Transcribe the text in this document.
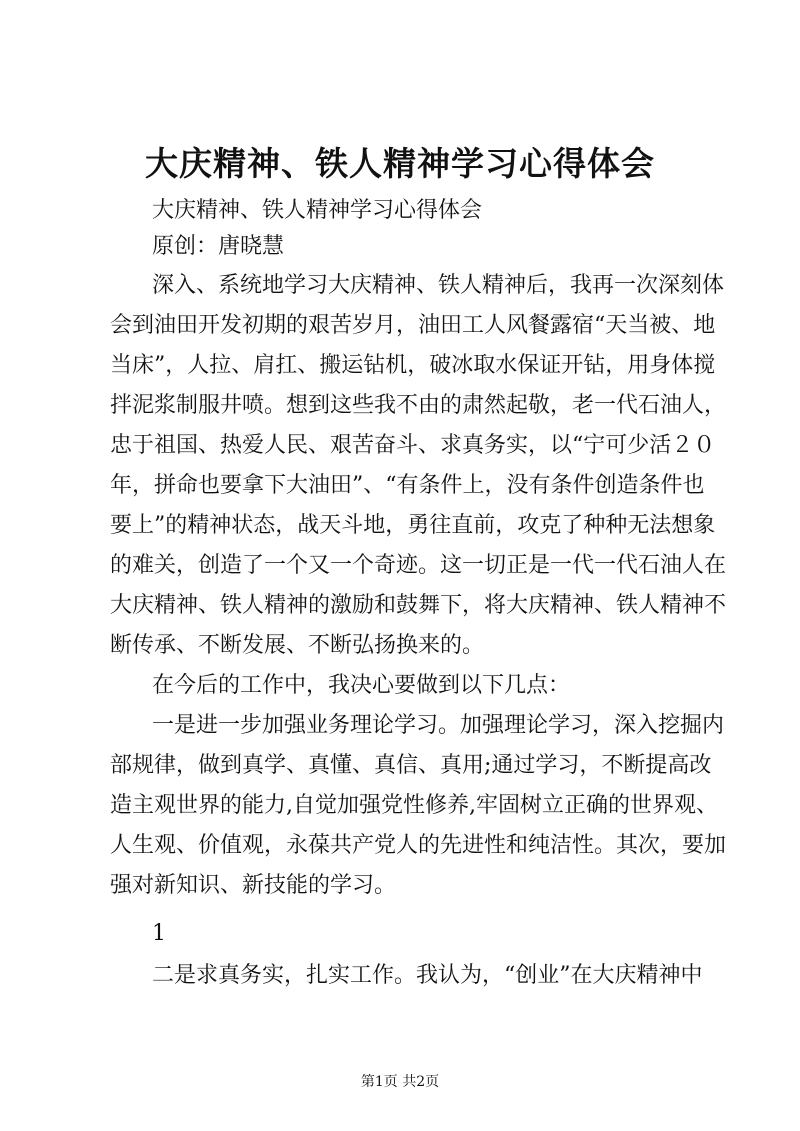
大庆精神、铁人精神学习心得体会

大庆精神、铁人精神学习心得体会

原创：唐晓慧

深入、系统地学习大庆精神、铁人精神后，我再一次深刻体

会到油田开发初期的艰苦岁月，油田工人风餐露宿“天当被、地

当床”，人拉、肩扛、搬运钻机，破冰取水保证开钻，用身体搅

拌泥浆制服井喷。想到这些我不由的肃然起敬，老一代石油人，

忠于祖国、热爱人民、艰苦奋斗、求真务实，以“宁可少活２０

年，拼命也要拿下大油田”、“有条件上，没有条件创造条件也

要上”的精神状态，战天斗地，勇往直前，攻克了种种无法想象

的难关，创造了一个又一个奇迹。这一切正是一代一代石油人在

大庆精神、铁人精神的激励和鼓舞下，将大庆精神、铁人精神不

断传承、不断发展、不断弘扬换来的。

在今后的工作中，我决心要做到以下几点：

一是进一步加强业务理论学习。加强理论学习，深入挖掘内

部规律，做到真学、真懂、真信、真用;通过学习，不断提高改

造主观世界的能力,自觉加强党性修养,牢固树立正确的世界观、

人生观、价值观，永葆共产党人的先进性和纯洁性。其次，要加

强对新知识、新技能的学习。

1

二是求真务实，扎实工作。我认为，“创业”在大庆精神中

第1页 共2页
